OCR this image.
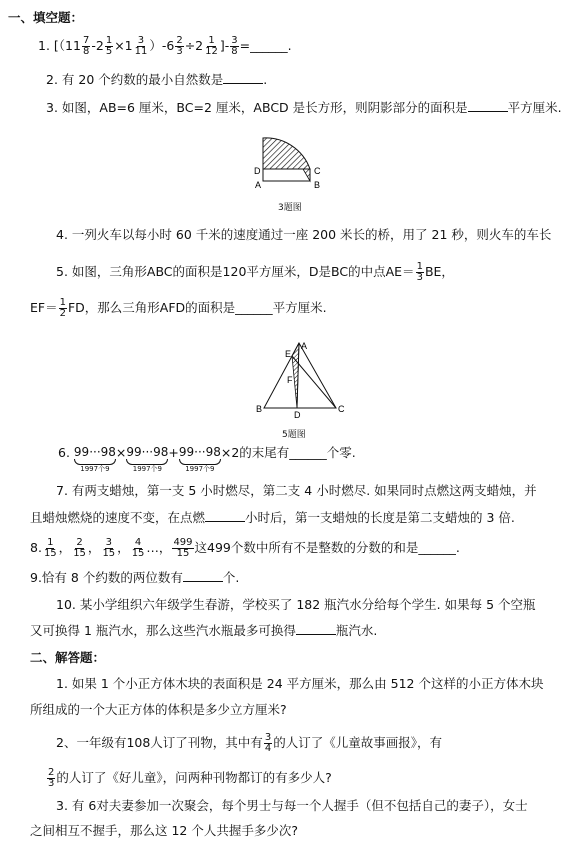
一、填空题：
1. [$(11 \frac{7}{8} -2 \frac{1}{5} \times 1 \frac{3}{11} )-6 \frac{2}{3} \div 2 \frac{1}{12}$ ]- $\frac{3}{8}$ =______.
2. 有 20 个约数的最小自然数是	.
3. 如图，AB=6 厘米，BC=2 厘米，ABCD 是长方形，则阴影部分的面积是	平方厘米.
D
A
C
B
3题图
4. 一列火车以每小时 60 千米的速度通过一座 200 米长的桥，用了 21 秒，则火车的车长
5. 如图，三角形ABC的面积是120平方厘米，D是BC的中点$AE= \frac{1}{3}$ BE，
$EF= \frac{1}{2}$ FD，那么三角形AFD的面积是______平方厘米.
A
E
F
B
D
C
5题图
6. 99···98
1997个9
× 99···98
1997个9
+ 99···98
1997个9
×2的末尾有______个零.
7. 有两支蜡烛，第一支 5 小时燃尽，第二支 4 小时燃尽. 如果同时点燃这两支蜡烛，并
且蜡烛燃烧的速度不变，在点燃	小时后，第一支蜡烛的长度是第二支蜡烛的 3 倍.
8. $\frac{1}{15}$ ， $\frac{2}{15}$ ， $\frac{3}{15}$ ， $\frac{4}{15}$ …， $\frac{499}{15}$ 这499个数中所有不是整数的分数的和是______.
9.恰有 8 个约数的两位数有	个.
10. 某小学组织六年级学生春游，学校买了 182 瓶汽水分给每个学生. 如果每 5 个空瓶
又可换得 1 瓶汽水，那么这些汽水瓶最多可换得	瓶汽水.
二、解答题：
1. 如果 1 个小正方体木块的表面积是 24 平方厘米，那么由 512 个这样的小正方体木块
所组成的一个大正方体的体积是多少立方厘米?
2、一年级有108人订了刊物，其中有 $\frac{3}{4}$ 的人订了《儿童故事画报》，有
$\frac{2}{3}$ 的人订了《好儿童》，问两种刊物都订的有多少人?
3. 有 6对夫妻参加一次聚会，每个男士与每一个人握手（但不包括自己的妻子），女士
之间相互不握手，那么这 12 个人共握手多少次?
